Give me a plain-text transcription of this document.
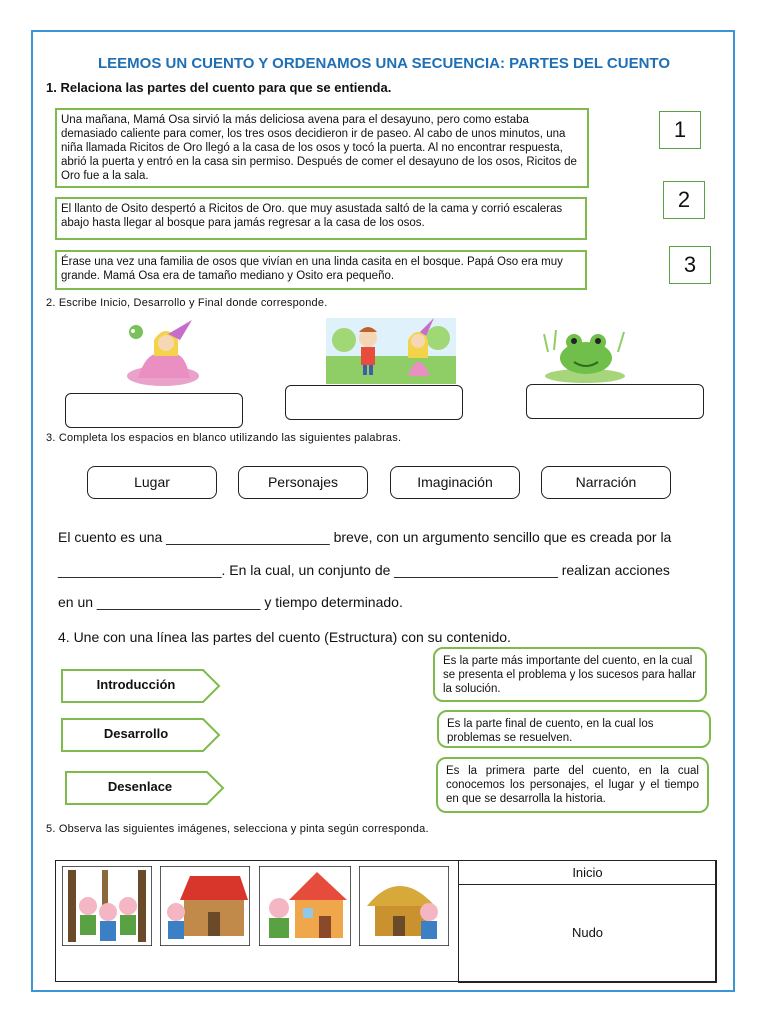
LEEMOS UN CUENTO Y ORDENAMOS UNA SECUENCIA: PARTES DEL CUENTO
1. Relaciona las partes del cuento para que se entienda.
Una mañana, Mamá Osa sirvió la más deliciosa avena para el desayuno, pero como estaba demasiado caliente para comer, los tres osos decidieron ir de paseo. Al cabo de unos minutos, una niña llamada Ricitos de Oro llegó a la casa de los osos y tocó la puerta. Al no encontrar respuesta, abrió la puerta y entró en la casa sin permiso. Después de comer el desayuno de los osos, Ricitos de Oro fue a la sala.
El llanto de Osito despertó a Ricitos de Oro. que muy asustada saltó de la cama y corrió escaleras abajo hasta llegar al bosque para jamás regresar a la casa de los osos.
Érase una vez una familia de osos que vivían en una linda casita en el bosque. Papá Oso era muy grande. Mamá Osa era de tamaño mediano y Osito era pequeño.
1
2
3
2. Escribe Inicio, Desarrollo y Final donde corresponde.
3. Completa los espacios en blanco utilizando las siguientes palabras.
Lugar	Personajes	Imaginación	Narración
El cuento es una _____________________ breve, con un argumento sencillo que es creada por la
_____________________. En la cual, un conjunto de _____________________ realizan acciones
en un _____________________ y tiempo determinado.
4. Une con una línea las partes del cuento (Estructura) con su contenido.
Introducción
Desarrollo
Desenlace
Es la parte más importante del cuento, en la cual se presenta el problema y los sucesos para hallar la solución.
Es la parte final de cuento, en la cual los problemas se resuelven.
Es la primera parte del cuento, en la cual conocemos los personajes, el lugar y el tiempo en que se desarrolla la historia.
5. Observa las siguientes imágenes, selecciona y pinta según corresponda.
Inicio
Nudo
